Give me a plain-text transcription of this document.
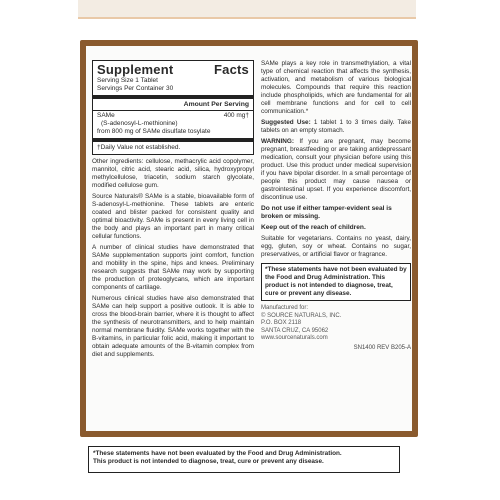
Supplement	Facts
Serving Size 1 Tablet
Servings Per Container 30
Amount Per Serving
SAMe	400 mg†
(S-adenosyl-L-methionine)
from 800 mg of SAMe disulfate tosylate
†Daily Value not established.

Other ingredients: cellulose, methacrylic acid copolymer, mannitol, citric acid, stearic acid, silica, hydroxypropyl methylcellulose, triacetin, sodium starch glycolate, modified cellulose gum.

Source Naturals® SAMe is a stable, bioavailable form of S-adenosyl-L-methionine. These tablets are enteric coated and blister packed for consistent quality and optimal bioactivity. SAMe is present in every living cell in the body and plays an important part in many critical cellular functions.

A number of clinical studies have demonstrated that SAMe supplementation supports joint comfort, function and mobility in the spine, hips and knees. Preliminary research suggests that SAMe may work by supporting the production of proteoglycans, which are important components of cartilage.

Numerous clinical studies have also demonstrated that SAMe can help support a positive outlook. It is able to cross the blood-brain barrier, where it is thought to affect the synthesis of neurotransmitters, and to help maintain normal membrane fluidity. SAMe works together with the B-vitamins, in particular folic acid, making it important to obtain adequate amounts of the B-vitamin complex from diet and supplements.

SAMe plays a key role in transmethylation, a vital type of chemical reaction that affects the synthesis, activation, and metabolism of various biological molecules. Compounds that require this reaction include phospholipids, which are fundamental for all cell membrane functions and for cell to cell communication.*

Suggested Use: 1 tablet 1 to 3 times daily. Take tablets on an empty stomach.

WARNING: If you are pregnant, may become pregnant, breastfeeding or are taking antidepressant medication, consult your physician before using this product. Use this product under medical supervision if you have bipolar disorder. In a small percentage of people this product may cause nausea or gastrointestinal upset. If you experience discomfort, discontinue use.

Do not use if either tamper-evident seal is broken or missing.

Keep out of the reach of children.

Suitable for vegetarians. Contains no yeast, dairy, egg, gluten, soy or wheat. Contains no sugar, preservatives, or artificial flavor or fragrance.

*These statements have not been evaluated by the Food and Drug Administration. This product is not intended to diagnose, treat, cure or prevent any disease.

Manufactured for:
© SOURCE NATURALS, INC.
P.O. BOX 2118
SANTA CRUZ, CA 95062
www.sourcenaturals.com
SN1400 REV B205-A

*These statements have not been evaluated by the Food and Drug Administration.

This product is not intended to diagnose, treat, cure or prevent any disease.
